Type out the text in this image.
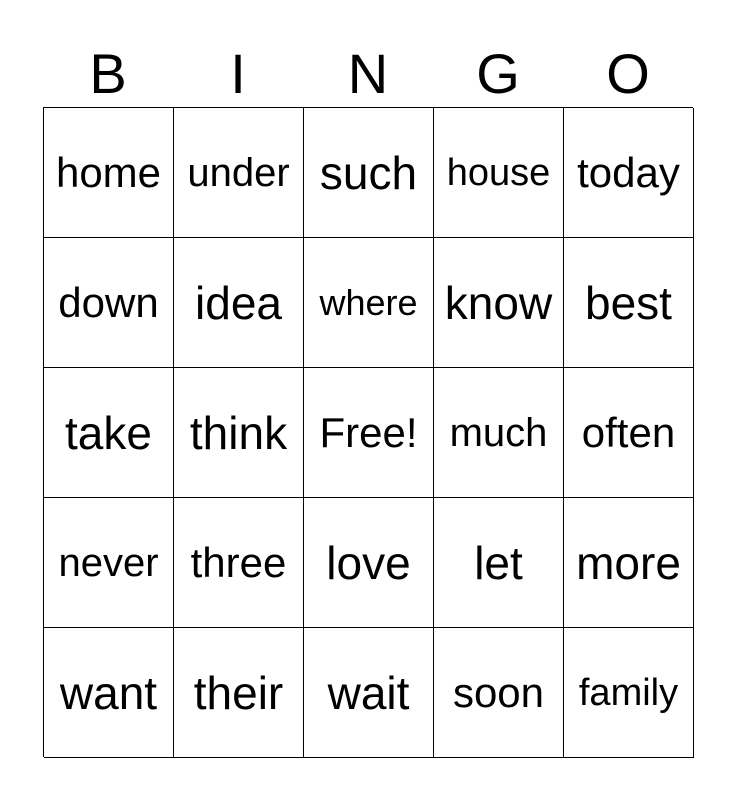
B	I	N	G	O
home under such house today
down idea	where know best
take think Free! much often
never three love	let	more
want their wait	soon family
